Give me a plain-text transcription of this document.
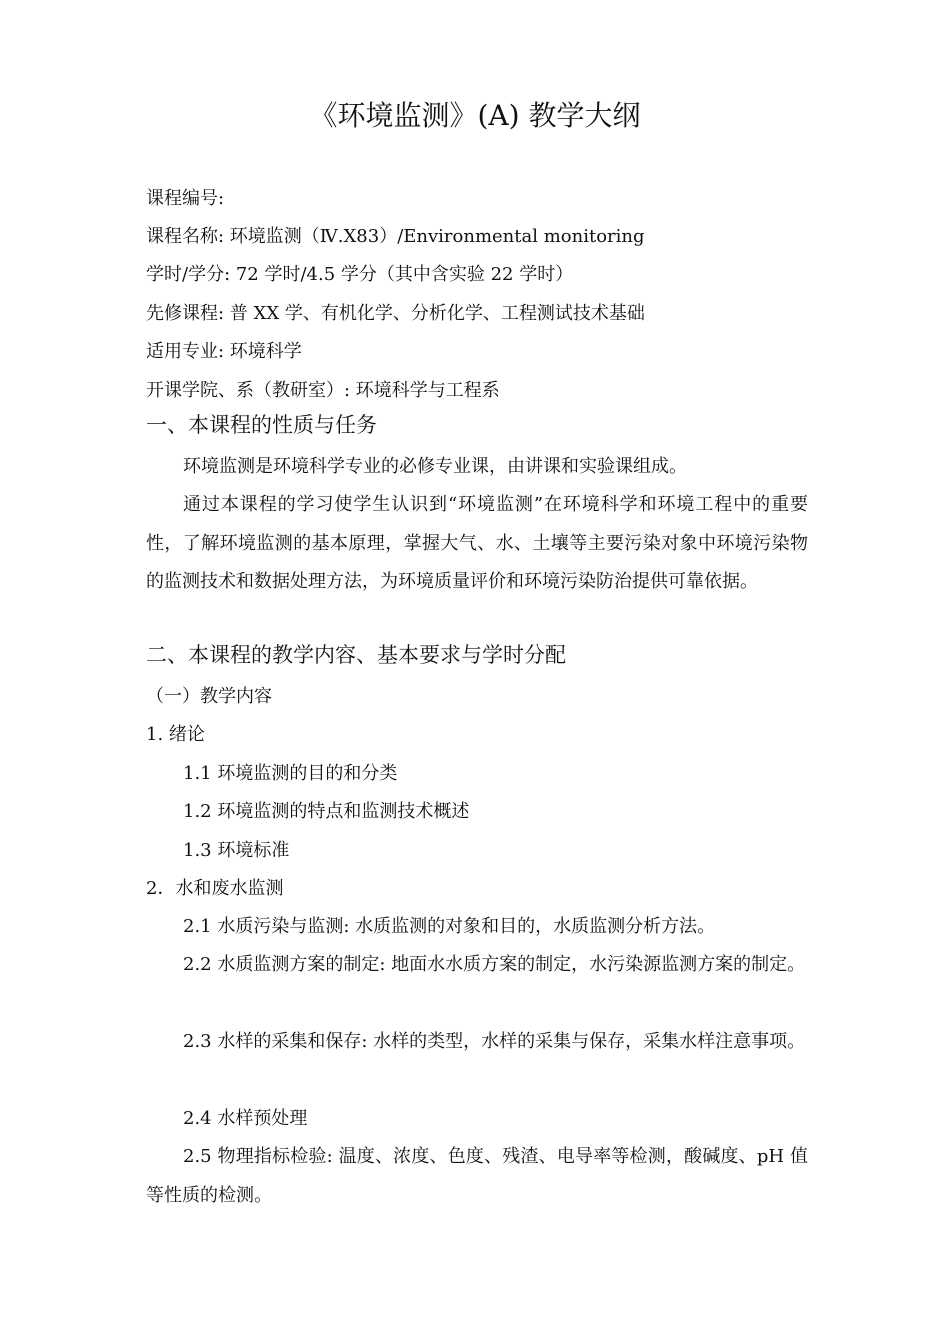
《环境监测》(A) 教学大纲
课程编号:
课程名称: 环境监测（Ⅳ.X83）/Environmental monitoring
学时/学分: 72 学时/4.5 学分（其中含实验 22 学时）
先修课程: 普 XX 学、有机化学、分析化学、工程测试技术基础
适用专业: 环境科学
开课学院、系（教研室）: 环境科学与工程系
一、本课程的性质与任务
环境监测是环境科学专业的必修专业课，由讲课和实验课组成。
通过本课程的学习使学生认识到“环境监测”在环境科学和环境工程中的重要性，了解环境监测的基本原理，掌握大气、水、土壤等主要污染对象中环境污染物的监测技术和数据处理方法，为环境质量评价和环境污染防治提供可靠依据。
二、本课程的教学内容、基本要求与学时分配
（一）教学内容
1. 绪论
1.1 环境监测的目的和分类
1.2 环境监测的特点和监测技术概述
1.3 环境标准
2．水和废水监测
2.1 水质污染与监测: 水质监测的对象和目的，水质监测分析方法。
2.2 水质监测方案的制定: 地面水水质方案的制定，水污染源监测方案的制定。
2.3 水样的采集和保存: 水样的类型，水样的采集与保存，采集水样注意事项。
2.4 水样预处理
2.5 物理指标检验: 温度、浓度、色度、残渣、电导率等检测，酸碱度、pH 值等性质的检测。
